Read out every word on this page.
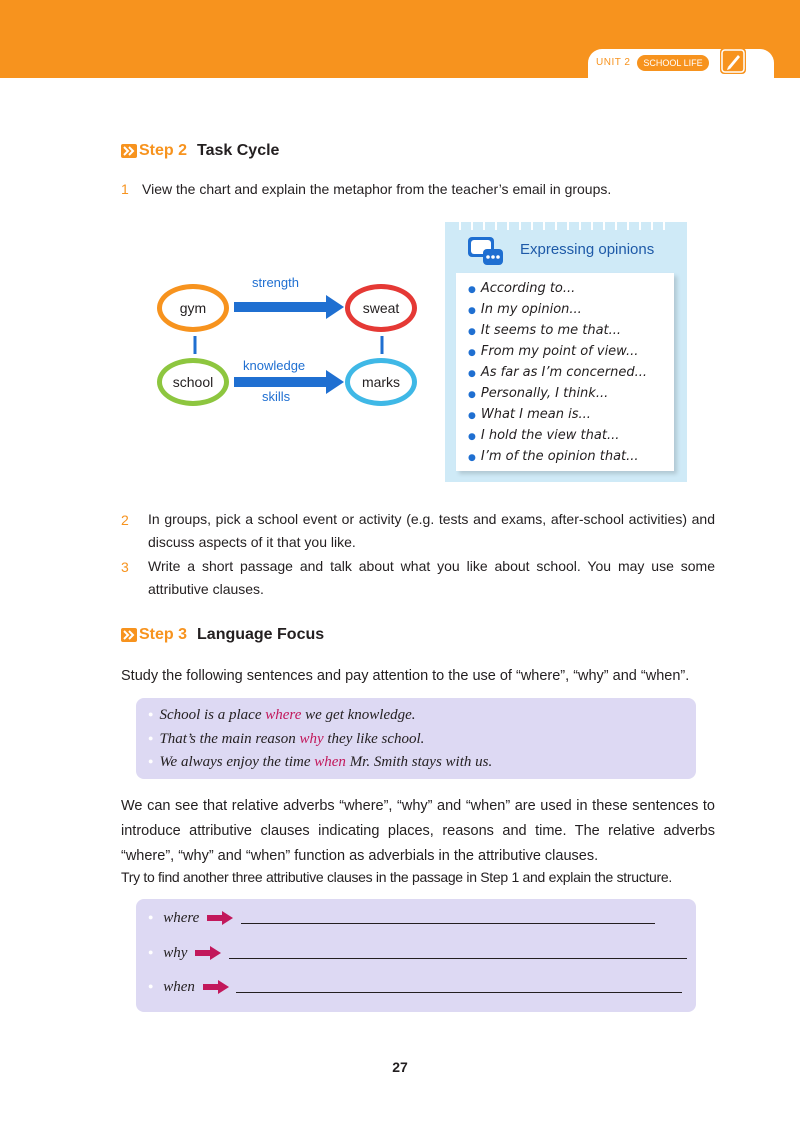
UNIT 2	SCHOOL LIFE
Step 2 Task Cycle
1 View the chart and explain the metaphor from the teacher’s email in groups.
gym	sweat
school	marks
strength
knowledge
skills
Expressing opinions
● According to...
● In my opinion...
● It seems to me that...
● From my point of view...
● As far as I’m concerned...
● Personally, I think...
● What I mean is...
● I hold the view that...
● I’m of the opinion that...
2 In groups, pick a school event or activity (e.g. tests and exams, after-school activities) and discuss aspects of it that you like.
3 Write a short passage and talk about what you like about school. You may use some attributive clauses.
Step 3 Language Focus
Study the following sentences and pay attention to the use of “where”, “why” and “when”.
● School is a place where we get knowledge.
● That’s the main reason why they like school.
● We always enjoy the time when Mr. Smith stays with us.
We can see that relative adverbs “where”, “why” and “when” are used in these sentences to introduce attributive clauses indicating places, reasons and time. The relative adverbs “where”, “why” and “when” function as adverbials in the attributive clauses.
Try to find another three attributive clauses in the passage in Step 1 and explain the structure.
● where
● why
● when
27
